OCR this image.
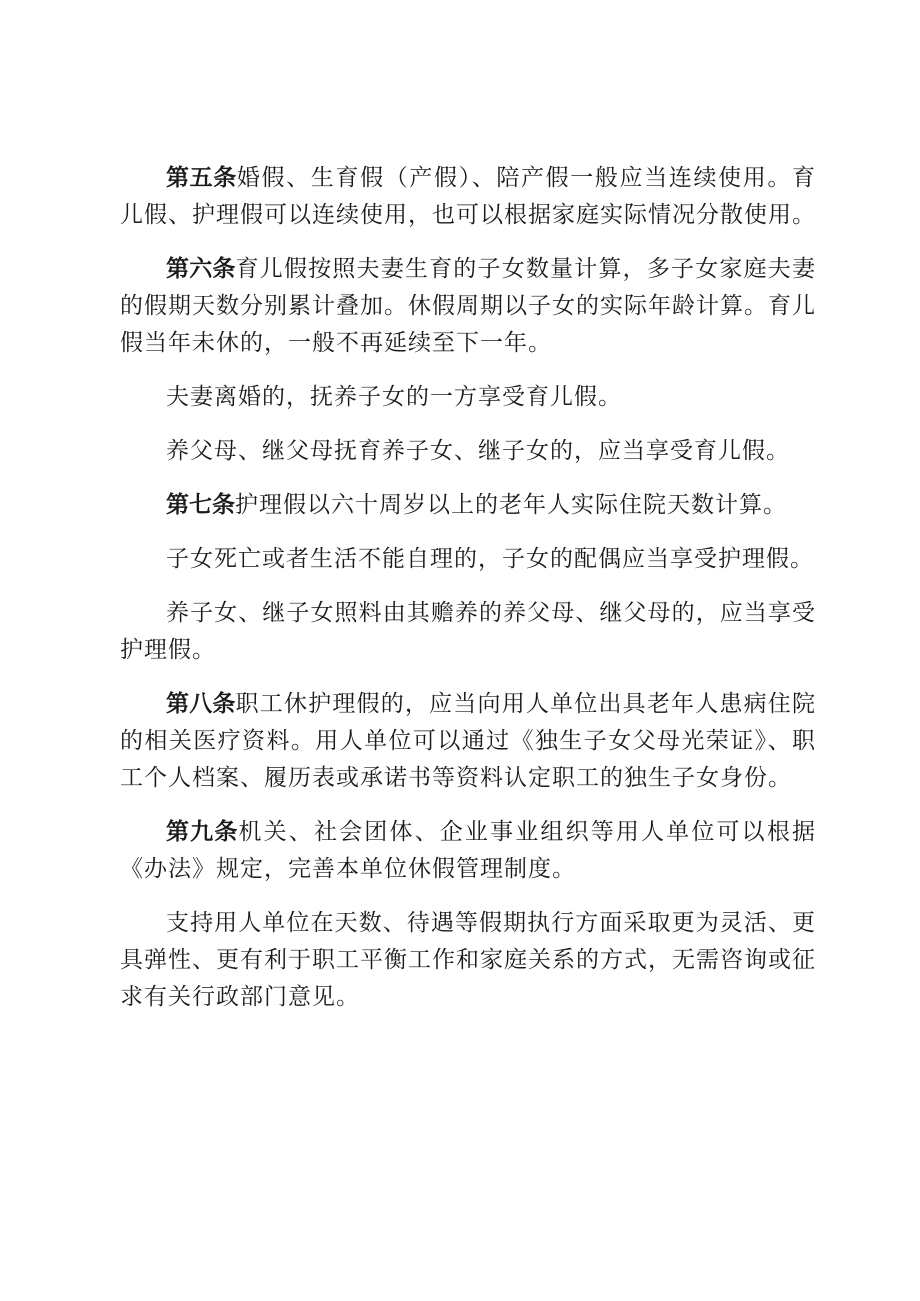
第五条婚假、生育假（产假）、陪产假一般应当连续使用。育儿假、护理假可以连续使用，也可以根据家庭实际情况分散使用。

第六条育儿假按照夫妻生育的子女数量计算，多子女家庭夫妻的假期天数分别累计叠加。休假周期以子女的实际年龄计算。育儿假当年未休的，一般不再延续至下一年。

夫妻离婚的，抚养子女的一方享受育儿假。

养父母、继父母抚育养子女、继子女的，应当享受育儿假。

第七条护理假以六十周岁以上的老年人实际住院天数计算。

子女死亡或者生活不能自理的，子女的配偶应当享受护理假。

养子女、继子女照料由其赡养的养父母、继父母的，应当享受护理假。

第八条职工休护理假的，应当向用人单位出具老年人患病住院的相关医疗资料。用人单位可以通过《独生子女父母光荣证》、职工个人档案、履历表或承诺书等资料认定职工的独生子女身份。

第九条机关、社会团体、企业事业组织等用人单位可以根据《办法》规定，完善本单位休假管理制度。

支持用人单位在天数、待遇等假期执行方面采取更为灵活、更具弹性、更有利于职工平衡工作和家庭关系的方式，无需咨询或征求有关行政部门意见。
